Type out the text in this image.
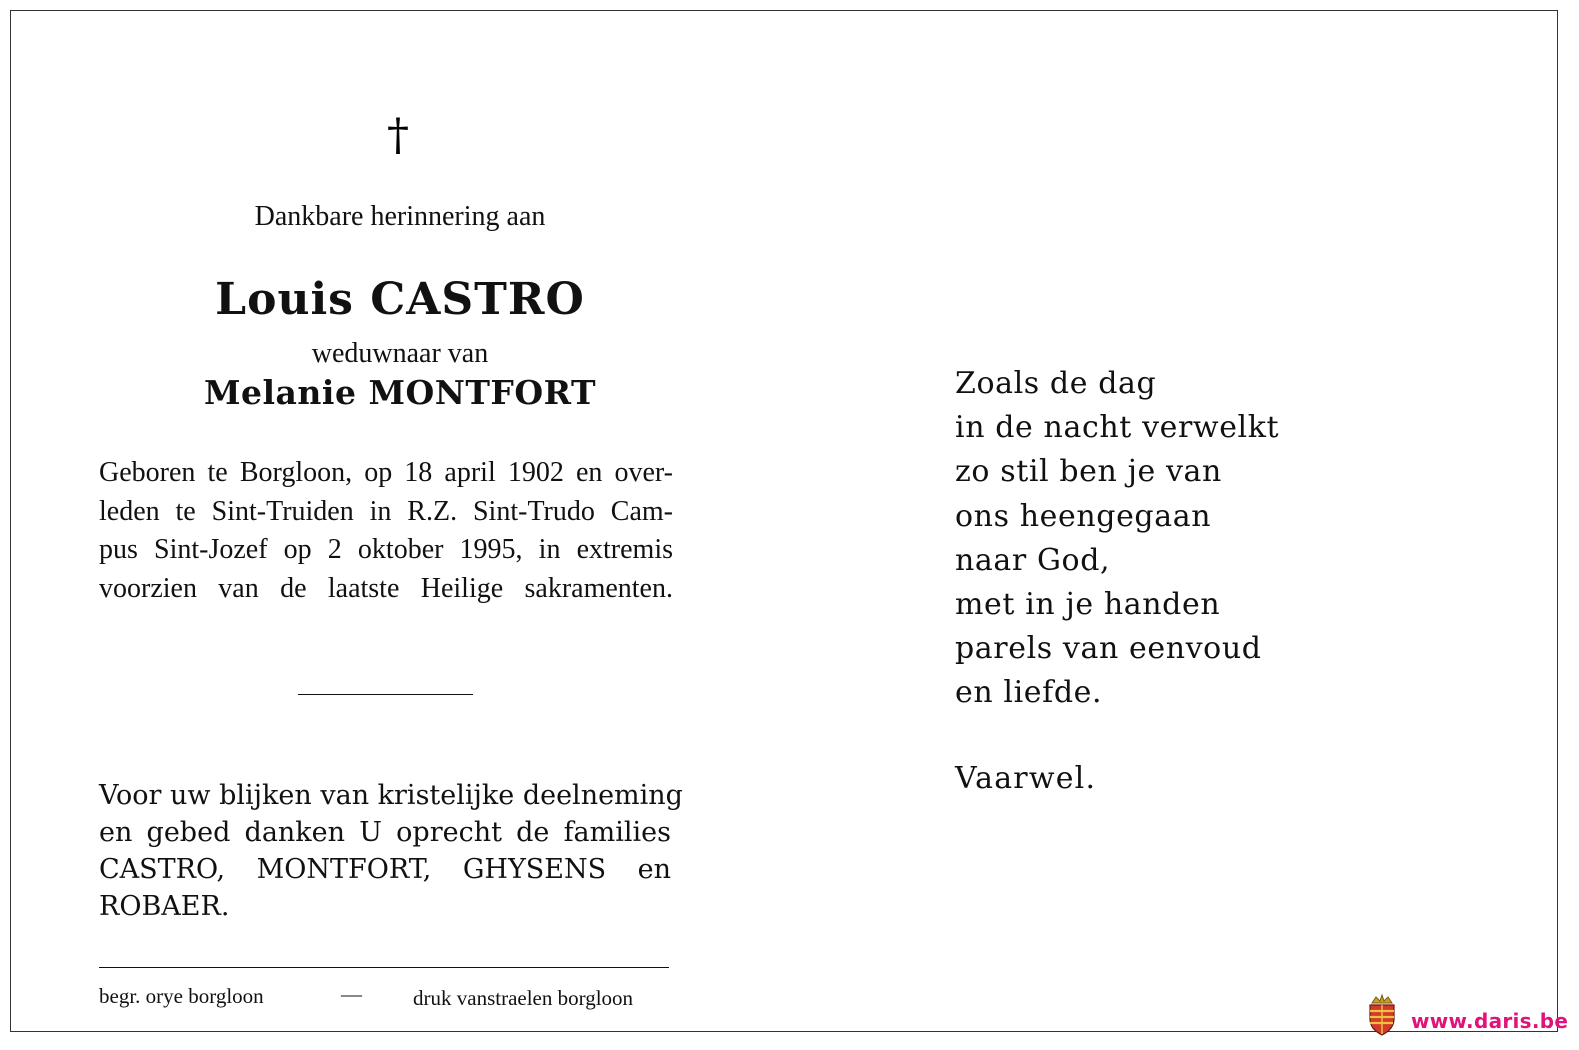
†
Dankbare herinnering aan
Louis CASTRO
weduwnaar van
Melanie MONTFORT
Geboren te Borgloon, op 18 april 1902 en over-
leden te Sint-Truiden in R.Z. Sint-Trudo Cam-
pus Sint-Jozef op 2 oktober 1995, in extremis
voorzien van de laatste Heilige sakramenten.
Voor uw blijken van kristelijke deelneming
en gebed danken U oprecht de families
CASTRO, MONTFORT, GHYSENS en
ROBAER.
begr. orye borgloon	— druk vanstraelen borgloon
Zoals de dag
in de nacht verwelkt
zo stil ben je van
ons heengegaan
naar God,
met in je handen
parels van eenvoud
en liefde.
Vaarwel.
www.daris.be
